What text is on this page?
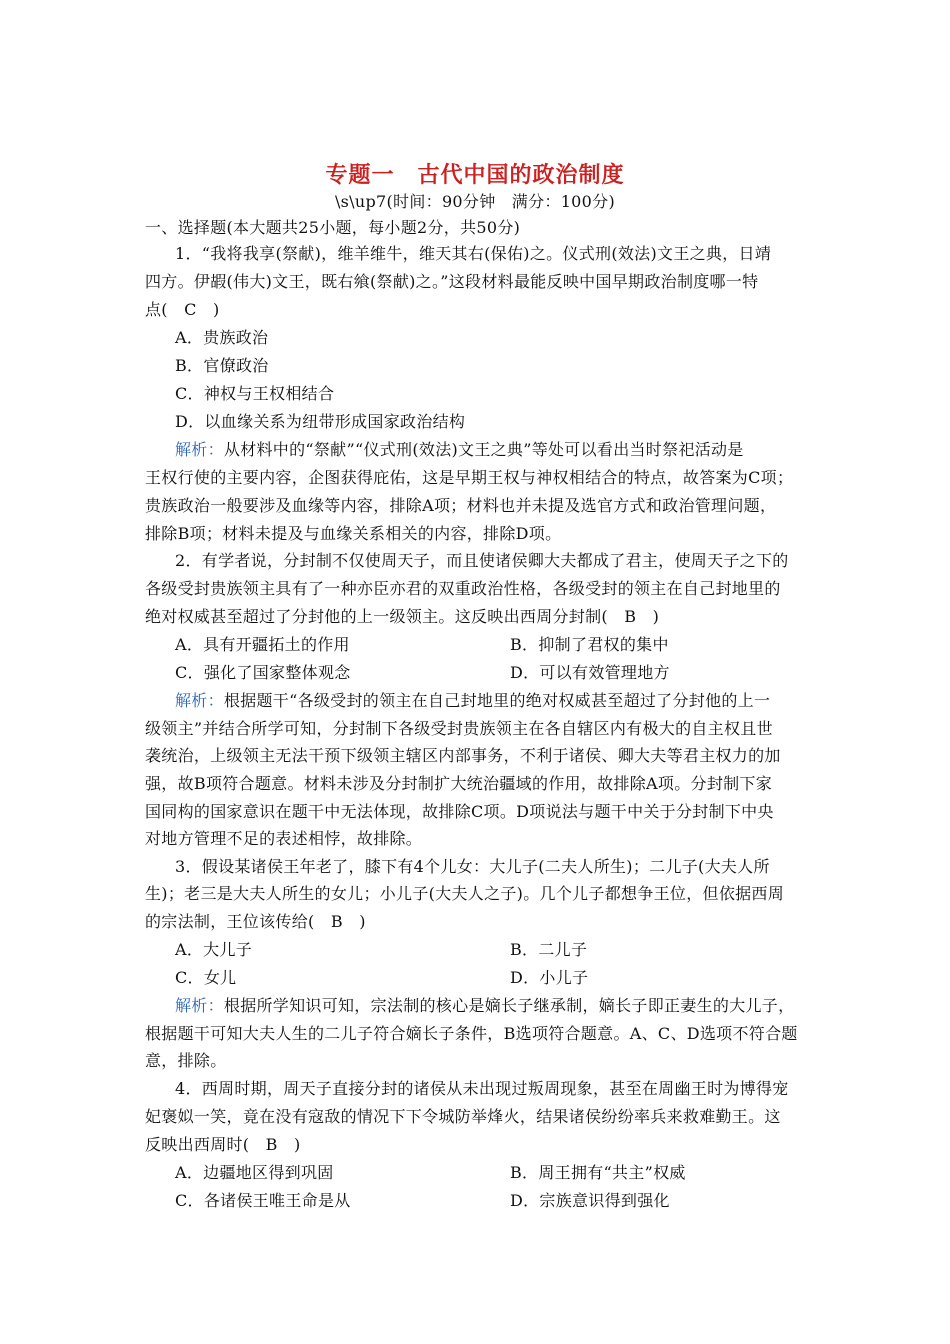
专题一　古代中国的政治制度
\s\up7(时间：90分钟　满分：100分)
一、选择题(本大题共25小题，每小题2分，共50分)
1．“我将我享(祭献)，维羊维牛，维天其右(保佑)之。仪式刑(效法)文王之典，日靖
四方。伊嘏(伟大)文王，既右飨(祭献)之。”这段材料最能反映中国早期政治制度哪一特
点(　C　)
A．贵族政治
B．官僚政治
C．神权与王权相结合
D．以血缘关系为纽带形成国家政治结构
解析：从材料中的“祭献”“仪式刑(效法)文王之典”等处可以看出当时祭祀活动是
王权行使的主要内容，企图获得庇佑，这是早期王权与神权相结合的特点，故答案为C项；
贵族政治一般要涉及血缘等内容，排除A项；材料也并未提及选官方式和政治管理问题，
排除B项；材料未提及与血缘关系相关的内容，排除D项。
2．有学者说，分封制不仅使周天子，而且使诸侯卿大夫都成了君主，使周天子之下的
各级受封贵族领主具有了一种亦臣亦君的双重政治性格，各级受封的领主在自己封地里的
绝对权威甚至超过了分封他的上一级领主。这反映出西周分封制(　B　)
A．具有开疆拓土的作用	B．抑制了君权的集中
C．强化了国家整体观念	D．可以有效管理地方
解析：根据题干“各级受封的领主在自己封地里的绝对权威甚至超过了分封他的上一
级领主”并结合所学可知，分封制下各级受封贵族领主在各自辖区内有极大的自主权且世
袭统治，上级领主无法干预下级领主辖区内部事务，不利于诸侯、卿大夫等君主权力的加
强，故B项符合题意。材料未涉及分封制扩大统治疆域的作用，故排除A项。分封制下家
国同构的国家意识在题干中无法体现，故排除C项。D项说法与题干中关于分封制下中央
对地方管理不足的表述相悖，故排除。
3．假设某诸侯王年老了，膝下有4个儿女：大儿子(二夫人所生)；二儿子(大夫人所
生)；老三是大夫人所生的女儿；小儿子(大夫人之子)。几个儿子都想争王位，但依据西周
的宗法制，王位该传给(　B　)
A．大儿子	B．二儿子
C．女儿	D．小儿子
解析：根据所学知识可知，宗法制的核心是嫡长子继承制，嫡长子即正妻生的大儿子，
根据题干可知大夫人生的二儿子符合嫡长子条件，B选项符合题意。A、C、D选项不符合题
意，排除。
4．西周时期，周天子直接分封的诸侯从未出现过叛周现象，甚至在周幽王时为博得宠
妃褒姒一笑，竟在没有寇敌的情况下下令城防举烽火，结果诸侯纷纷率兵来救难勤王。这
反映出西周时(　B　)
A．边疆地区得到巩固	B．周王拥有“共主”权威
C．各诸侯王唯王命是从	D．宗族意识得到强化
